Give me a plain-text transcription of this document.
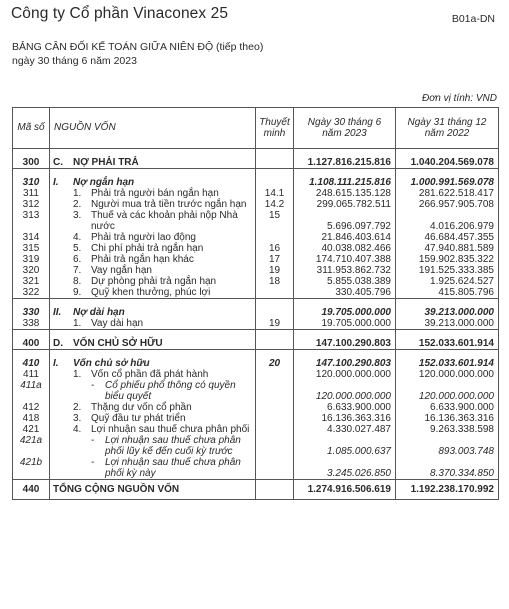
Công ty Cổ phần Vinaconex 25	B01a-DN
BẢNG CÂN ĐỐI KẾ TOÁN GIỮA NIÊN ĐỘ (tiếp theo)
ngày 30 tháng 6 năm 2023
Đơn vị tính: VND
Mã số	NGUỒN VỐN	Thuyết minh	Ngày 30 tháng 6 năm 2023	Ngày 31 tháng 12 năm 2022

300	C. NỢ PHẢI TRẢ		1.127.816.215.816	1.040.204.569.078

310	I. Nợ ngắn hạn		1.108.111.215.816	1.000.991.569.078
311	1. Phải trả người bán ngắn hạn	14.1	248.615.135.128	281.622.518.417
312	2. Người mua trả tiền trước ngắn hạn	14.2	299.065.782.511	266.957.905.708
313	3. Thuế và các khoản phải nộp Nhà nước	15	5.696.097.792	4.016.206.979
314	4. Phải trả người lao động		21.846.403.614	46.684.457.355
315	5. Chi phí phải trả ngắn hạn	16	40.038.082.466	47.940.881.589
319	6. Phải trả ngắn hạn khác	17	174.710.407.388	159.902.835.322
320	7. Vay ngắn hạn	19	311.953.862.732	191.525.333.385
321	8. Dự phòng phải trả ngắn hạn	18	5.855.038.389	1.925.624.527
322	9. Quỹ khen thưởng, phúc lợi		330.405.796	415.805.796

330	II. Nợ dài hạn		19.705.000.000	39.213.000.000
338	1. Vay dài hạn	19	19.705.000.000	39.213.000.000

400	D. VỐN CHỦ SỞ HỮU		147.100.290.803	152.033.601.914

410	I. Vốn chủ sở hữu	20	147.100.290.803	152.033.601.914
411	1. Vốn cổ phần đã phát hành		120.000.000.000	120.000.000.000
411a	- Cổ phiếu phổ thông có quyền biểu quyết		120.000.000.000	120.000.000.000
412	2. Thặng dư vốn cổ phần		6.633.900.000	6.633.900.000
418	3. Quỹ đầu tư phát triển		16.136.363.316	16.136.363.316
421	4. Lợi nhuận sau thuế chưa phân phối		4.330.027.487	9.263.338.598
421a	- Lợi nhuận sau thuế chưa phân phối lũy kế đến cuối kỳ trước		1.085.000.637	893.003.748
421b	- Lợi nhuận sau thuế chưa phân phối kỳ này		3.245.026.850	8.370.334.850
440	TỔNG CỘNG NGUỒN VỐN		1.274.916.506.619	1.192.238.170.992
